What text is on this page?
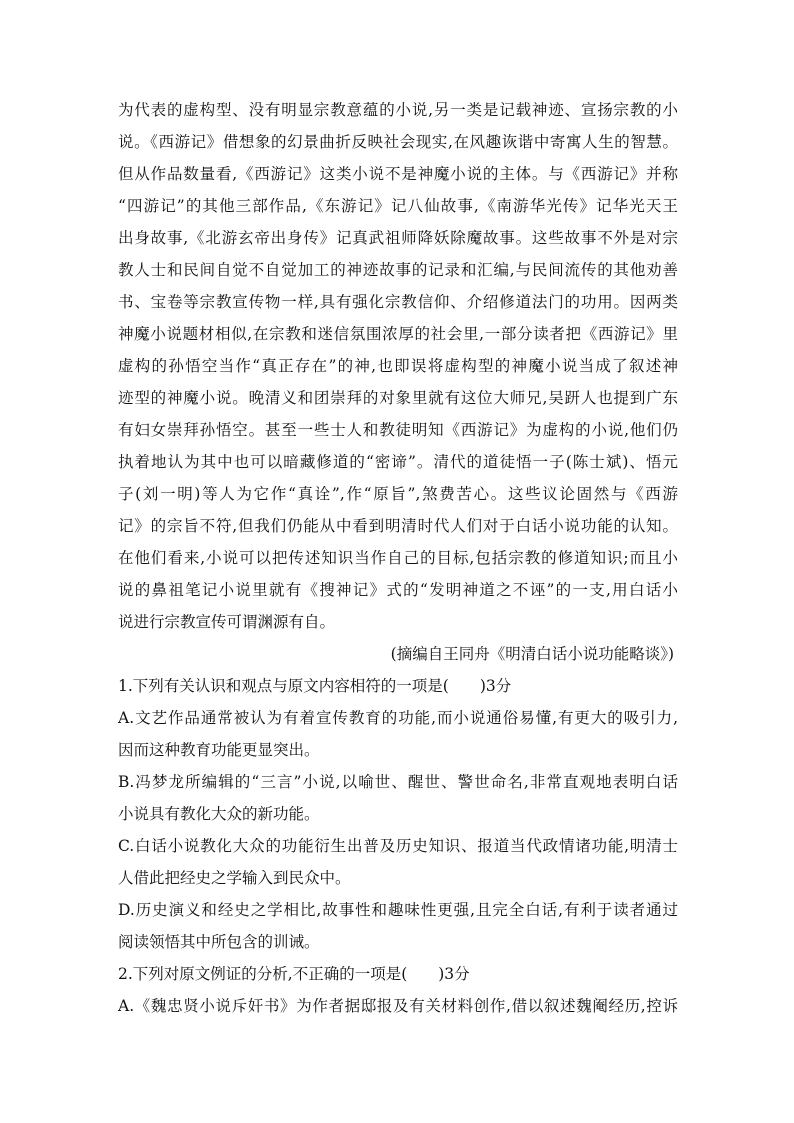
为代表的虚构型、没有明显宗教意蕴的小说,另一类是记载神迹、宣扬宗教的小
说。《西游记》借想象的幻景曲折反映社会现实,在风趣诙谐中寄寓人生的智慧。
但从作品数量看,《西游记》这类小说不是神魔小说的主体。与《西游记》并称
“四游记”的其他三部作品,《东游记》记八仙故事,《南游华光传》记华光天王
出身故事,《北游玄帝出身传》记真武祖师降妖除魔故事。这些故事不外是对宗
教人士和民间自觉不自觉加工的神迹故事的记录和汇编,与民间流传的其他劝善
书、宝卷等宗教宣传物一样,具有强化宗教信仰、介绍修道法门的功用。因两类
神魔小说题材相似,在宗教和迷信氛围浓厚的社会里,一部分读者把《西游记》里
虚构的孙悟空当作“真正存在”的神,也即误将虚构型的神魔小说当成了叙述神
迹型的神魔小说。晚清义和团崇拜的对象里就有这位大师兄,吴趼人也提到广东
有妇女崇拜孙悟空。甚至一些士人和教徒明知《西游记》为虚构的小说,他们仍
执着地认为其中也可以暗藏修道的“密谛”。清代的道徒悟一子(陈士斌)、悟元
子(刘一明)等人为它作“真诠”,作“原旨”,煞费苦心。这些议论固然与《西游
记》的宗旨不符,但我们仍能从中看到明清时代人们对于白话小说功能的认知。
在他们看来,小说可以把传述知识当作自己的目标,包括宗教的修道知识;而且小
说的鼻祖笔记小说里就有《搜神记》式的“发明神道之不诬”的一支,用白话小
说进行宗教宣传可谓渊源有自。
(摘编自王同舟《明清白话小说功能略谈》)
1.下列有关认识和观点与原文内容相符的一项是(　　)3分
A.文艺作品通常被认为有着宣传教育的功能,而小说通俗易懂,有更大的吸引力,
因而这种教育功能更显突出。
B.冯梦龙所编辑的“三言”小说,以喻世、醒世、警世命名,非常直观地表明白话
小说具有教化大众的新功能。
C.白话小说教化大众的功能衍生出普及历史知识、报道当代政情诸功能,明清士
人借此把经史之学输入到民众中。
D.历史演义和经史之学相比,故事性和趣味性更强,且完全白话,有利于读者通过
阅读领悟其中所包含的训诫。
2.下列对原文例证的分析,不正确的一项是(　　)3分
A.《魏忠贤小说斥奸书》为作者据邸报及有关材料创作,借以叙述魏阉经历,控诉
